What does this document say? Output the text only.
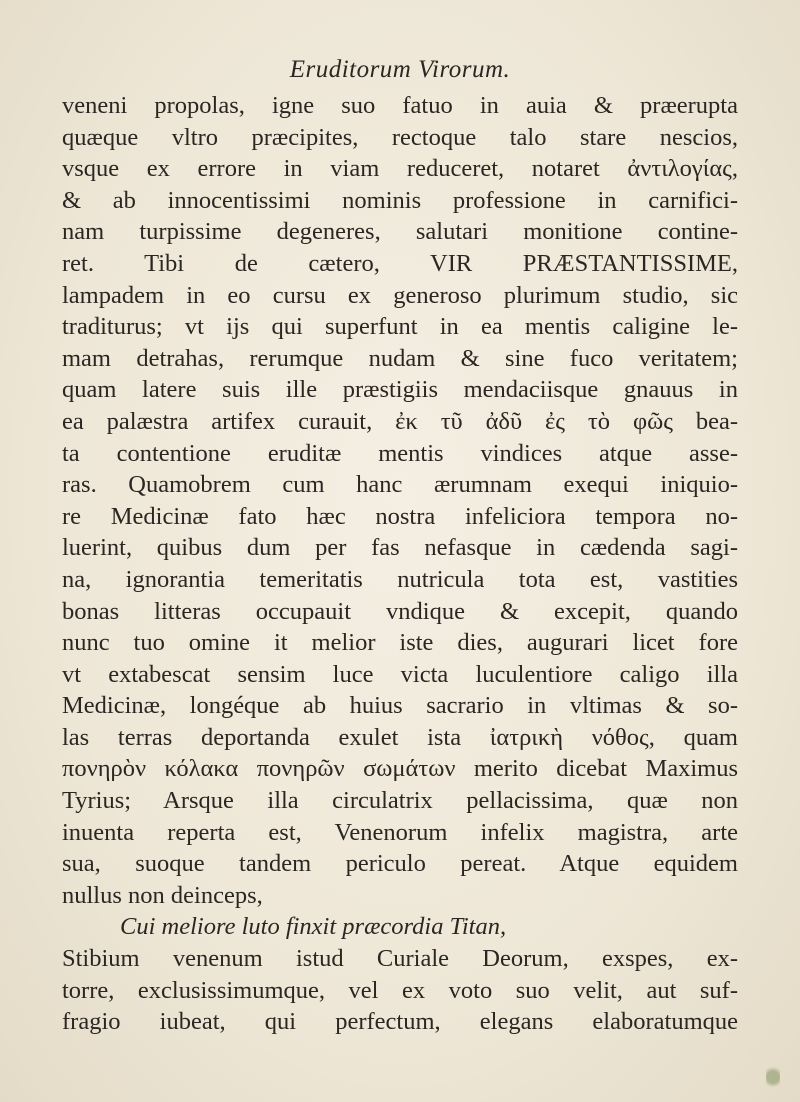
Eruditorum Virorum.
veneni propolas, igne suo fatuo in auia & præerupta
quæque vltro præcipites, rectoque talo stare nescios,
vsque ex errore in viam reduceret, notaret ἀντιλογίας,
& ab innocentissimi nominis professione in carnifici-
nam turpissime degeneres, salutari monitione contine-
ret. Tibi de cætero, VIR PRÆSTANTISSIME,
lampadem in eo cursu ex generoso plurimum studio, sic
traditurus; vt ijs qui superfunt in ea mentis caligine le-
mam detrahas, rerumque nudam & sine fuco veritatem;
quam latere suis ille præstigiis mendaciisque gnauus in
ea palæstra artifex curauit, ἐκ τῦ ἀδῦ ἐς τὸ φῶς bea-
ta contentione eruditæ mentis vindices atque asse-
ras. Quamobrem cum hanc ærumnam exequi iniquio-
re Medicinæ fato hæc nostra infeliciora tempora no-
luerint, quibus dum per fas nefasque in cædenda sagi-
na, ignorantia temeritatis nutricula tota est, vastities
bonas litteras occupauit vndique & excepit, quando
nunc tuo omine it melior iste dies, augurari licet fore
vt extabescat sensim luce victa luculentiore caligo illa
Medicinæ, longéque ab huius sacrario in vltimas & so-
las terras deportanda exulet ista ἰατρικὴ νόθος, quam
πονηρὸν κόλακα πονηρῶν σωμάτων merito dicebat Maximus
Tyrius; Arsque illa circulatrix pellacissima, quæ non
inuenta reperta est, Venenorum infelix magistra, arte
sua, suoque tandem periculo pereat. Atque equidem
nullus non deinceps,
Cui meliore luto finxit præcordia Titan,
Stibium venenum istud Curiale Deorum, exspes, ex-
torre, exclusissimumque, vel ex voto suo velit, aut suf-
fragio iubeat, qui perfectum, elegans elaboratumque
